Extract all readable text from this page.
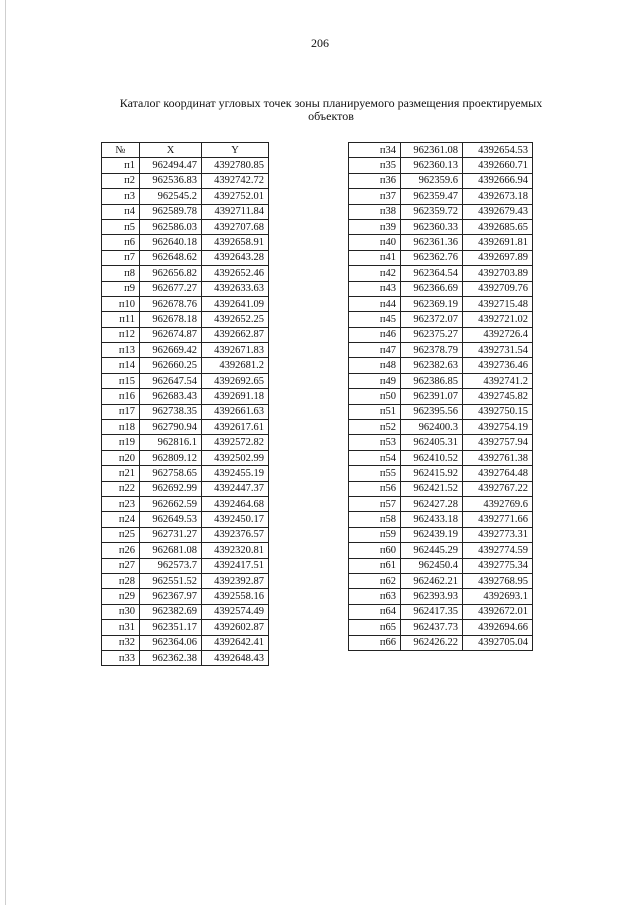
206
Каталог координат угловых точек зоны планируемого размещения проектируемых объектов
№	X	Y
п1	962494.47	4392780.85
п2	962536.83	4392742.72
п3	962545.2	4392752.01
п4	962589.78	4392711.84
п5	962586.03	4392707.68
п6	962640.18	4392658.91
п7	962648.62	4392643.28
п8	962656.82	4392652.46
п9	962677.27	4392633.63
п10	962678.76	4392641.09
п11	962678.18	4392652.25
п12	962674.87	4392662.87
п13	962669.42	4392671.83
п14	962660.25	4392681.2
п15	962647.54	4392692.65
п16	962683.43	4392691.18
п17	962738.35	4392661.63
п18	962790.94	4392617.61
п19	962816.1	4392572.82
п20	962809.12	4392502.99
п21	962758.65	4392455.19
п22	962692.99	4392447.37
п23	962662.59	4392464.68
п24	962649.53	4392450.17
п25	962731.27	4392376.57
п26	962681.08	4392320.81
п27	962573.7	4392417.51
п28	962551.52	4392392.87
п29	962367.97	4392558.16
п30	962382.69	4392574.49
п31	962351.17	4392602.87
п32	962364.06	4392642.41
п33	962362.38	4392648.43
п34	962361.08	4392654.53
п35	962360.13	4392660.71
п36	962359.6	4392666.94
п37	962359.47	4392673.18
п38	962359.72	4392679.43
п39	962360.33	4392685.65
п40	962361.36	4392691.81
п41	962362.76	4392697.89
п42	962364.54	4392703.89
п43	962366.69	4392709.76
п44	962369.19	4392715.48
п45	962372.07	4392721.02
п46	962375.27	4392726.4
п47	962378.79	4392731.54
п48	962382.63	4392736.46
п49	962386.85	4392741.2
п50	962391.07	4392745.82
п51	962395.56	4392750.15
п52	962400.3	4392754.19
п53	962405.31	4392757.94
п54	962410.52	4392761.38
п55	962415.92	4392764.48
п56	962421.52	4392767.22
п57	962427.28	4392769.6
п58	962433.18	4392771.66
п59	962439.19	4392773.31
п60	962445.29	4392774.59
п61	962450.4	4392775.34
п62	962462.21	4392768.95
п63	962393.93	4392693.1
п64	962417.35	4392672.01
п65	962437.73	4392694.66
п66	962426.22	4392705.04
